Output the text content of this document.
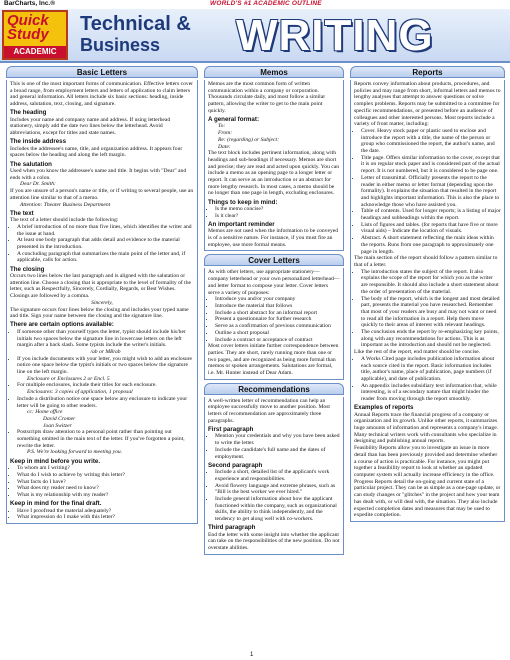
BarCharts, Inc.®	WORLD'S #1 ACADEMIC OUTLINE
Quick Study
ACADEMIC
Technical &
Business WRITING
Basic Letters

This is one of the most important forms of communication. Effective letters cover a broad range, from employment letters and letters of application to claim letters and general information. All letters include six basic sections: heading, inside address, salutation, text, closing, and signature.

The heading

Includes your name and company name and address. If using letterhead stationery, simply add the date two lines below the letterhead. Avoid abbreviations, except for titles and state names.

The inside address

Includes the addressee's name, title, and organization address. It appears four spaces below the heading and along the left margin.

The salutation

Used when you know the addressee's name and title. It begins with "Dear" and ends with a colon.

Dear Dr. Smith:

If you are unsure of a person's name or title, or if writing to several people, use an attention line similar to that of a memo.

Attention: Theater Business Department

The text

The text of a letter should include the following:

• A brief introduction of no more than five lines, which identifies the writer and the issue at hand.
• At least one body paragraph that adds detail and evidence to the material presented in the introduction.
• A concluding paragraph that summarizes the main point of the letter and, if applicable, calls for action.
The closing

Occurs two lines below the last paragraph and is aligned with the salutation or attention line. Choose a closing that is appropriate to the level of formality of the letter, such as Respectfully, Sincerely, Cordially, Regards, or Best Wishes. Closings are followed by a comma.

Sincerely,

The signature occurs four lines below the closing and includes your typed name and title. Sign your name between the closing and the signature line.

There are certain options available:
• If someone other than yourself types the letter, typist should include his/her initials two spaces below the signature line in lowercase letters on the left margin after a back slash. Some typists include the writer's initials.
/ab or MB/ab
• If you include documents with your letter, you might wish to add an enclosure notice one space below the typist's initials or two spaces below the signature line on the left margin.
Enclosure or Enclosures 2 or Encl. 5
• For multiple enclosures, include their titles for each enclosure.
Enclosures: 3 copies of application, 1 proposal
• Include a distribution notice one space below any enclosure to indicate your letter will be going to other readers.
cc: Home office
David Cromer
Joan Switzer
• Postscripts draw attention to a personal point rather than pointing out something omitted in the main text of the letter. If you've forgotten a point, rewrite the letter.
P.S. We're looking forward to meeting you.
Keep in mind before you write.
• To whom am I writing?
• What do I wish to achieve by writing this letter?
• What facts do I have?
• What does my reader need to know?
• What is my relationship with my reader?
Keep in mind for the final draft.
• Have I proofread the material adequately?
• What impression do I make with this letter?
Memos

Memos are the most common form of written communication within a company or corporation. Thousands circulate daily, and most follow a similar pattern, allowing the writer to get to the main point quickly.

A general format:

To:

From:

Re: (regarding) or Subject:

Date:

The text block includes pertinent information, along with headings and sub-headings if necessary. Memos are short and precise; they are read and acted upon quickly. You can include a memo as an opening page to a longer letter or report. It can serve as an introduction or an abstract for more lengthy research. In most cases, a memo should be no longer than one page in length, excluding enclosures.

Things to keep in mind:
• Is the memo concise?
• Is it clear?
An important reminder

Memos are not used when the information to be conveyed is of a sensitive nature. For instance, if you must fire an employee, use more formal means.

Cover Letters

As with other letters, use appropriate stationery—company letterhead or your own personalized letterhead—and letter format to compose your letter. Cover letters serve a variety of purposes:

• Introduce you and/or your company
• Introduce the material that follows
• Include a short abstract for an informal report
• Present a questionnaire for further research
• Serve as a confirmation of previous communication
• Outline a short proposal
• Include a contract or acceptance of contract

Most cover letters initiate further correspondence between parties. They are short, rarely running more than one or two pages, and are recognized as being more formal than memos or spoken arrangements. Salutations are formal, i.e. Mr. Hunter instead of Dear Adam.

Recommendations

A well-written letter of recommendation can help an employee successfully move to another position. Most letters of recommendation are approximately three paragraphs.

First paragraph
• Mention your credentials and why you have been asked to write the letter.
• Include the candidate's full name and the dates of employment.
Second paragraph
• Include a short, detailed list of the applicant's work experience and responsibilities.
• Avoid flowery language and extreme phrases, such as "Bill is the best worker we ever hired."
• Include general information about how the applicant functioned within the company, such as organizational skills, the ability to think independently, and the tendency to get along well with co-workers.
Third paragraph

End the letter with some insight into whether the applicant can take on the responsibilities of the new position. Do not overstate abilities.

Reports

Reports convey information about products, procedures, and policies and may range from short, informal letters and memos to lengthy analyses that attempt to answer questions or solve complex problems. Reports may be submitted to a committee for specific recommendations, or presented before an audience of colleagues and other interested persons. Most reports include a variety of front matter, including:

• Cover. Heavy stock paper or plastic used to enclose and introduce the report with a title, the name of the person or group who commissioned the report, the author's name, and the date.
• Title page. Offers similar information to the cover, except that it is on regular stock paper and is considered part of the actual report. It is not numbered, but it is considered to be page one.
• Letter of transmittal. Officially presents the report to the reader in either memo or letter format (depending upon the formality). It explains the situation that resulted in the report and highlights important information. This is also the place to acknowledge those who have assisted you.
• Table of contents. Used for longer reports; is a listing of major headings and subheadings within the report.
• Lists of figures and tables. (for reports that have five or more visual aids) – Indicate the location of visuals.
• Abstract. A short statement reflecting the main ideas within the reports. Runs from one paragraph to approximately one page in length.

The main section of the report should follow a pattern similar to that of a letter.

• The introduction states the subject of the report. It also explains the scope of the report for which you as the writer are responsible. It should also include a short statement about the order of presentation of the material.
• The body of the report, which is the longest and most detailed part, presents the material you have researched. Remember that most of your readers are busy and may not want or need to read all the information in a report. Help them move quickly to their areas of interest with relevant headings.
• The conclusion ends the report by re-emphasizing key points, along with any recommendations for actions. This is as important as the introduction and should not be neglected.

Like the rest of the report, end matter should be concise.

• A Works Cited page includes publication information about each source cited in the report. Basic information includes title, author's name, place of publication, page numbers (if applicable), and date of publication.
• An appendix includes subsidiary text information that, while interesting, is of a secondary nature that might hinder the reader from moving through the report smoothly.
Examples of reports

Annual Reports trace the financial progress of a company or organization and its growth. Unlike other reports, it summarizes huge amounts of information and represents a company's image. Many technical writers work with consultants who specialize in designing and publishing annual reports.

Feasibility Reports allow you to investigate an issue in more detail than has been previously provided and determine whether a course of action is practicable. For instance, you might put together a feasibility report to look at whether an updated computer system will actually increase efficiency in the office.

Progress Reports detail the on-going and current state of a particular project. They can be as simple as a one-page update, or can study changes or "glitches" in the project and how your team has dealt with, or will deal with, the situation. They also include expected completion dates and measures that may be used to expedite completion.

1
